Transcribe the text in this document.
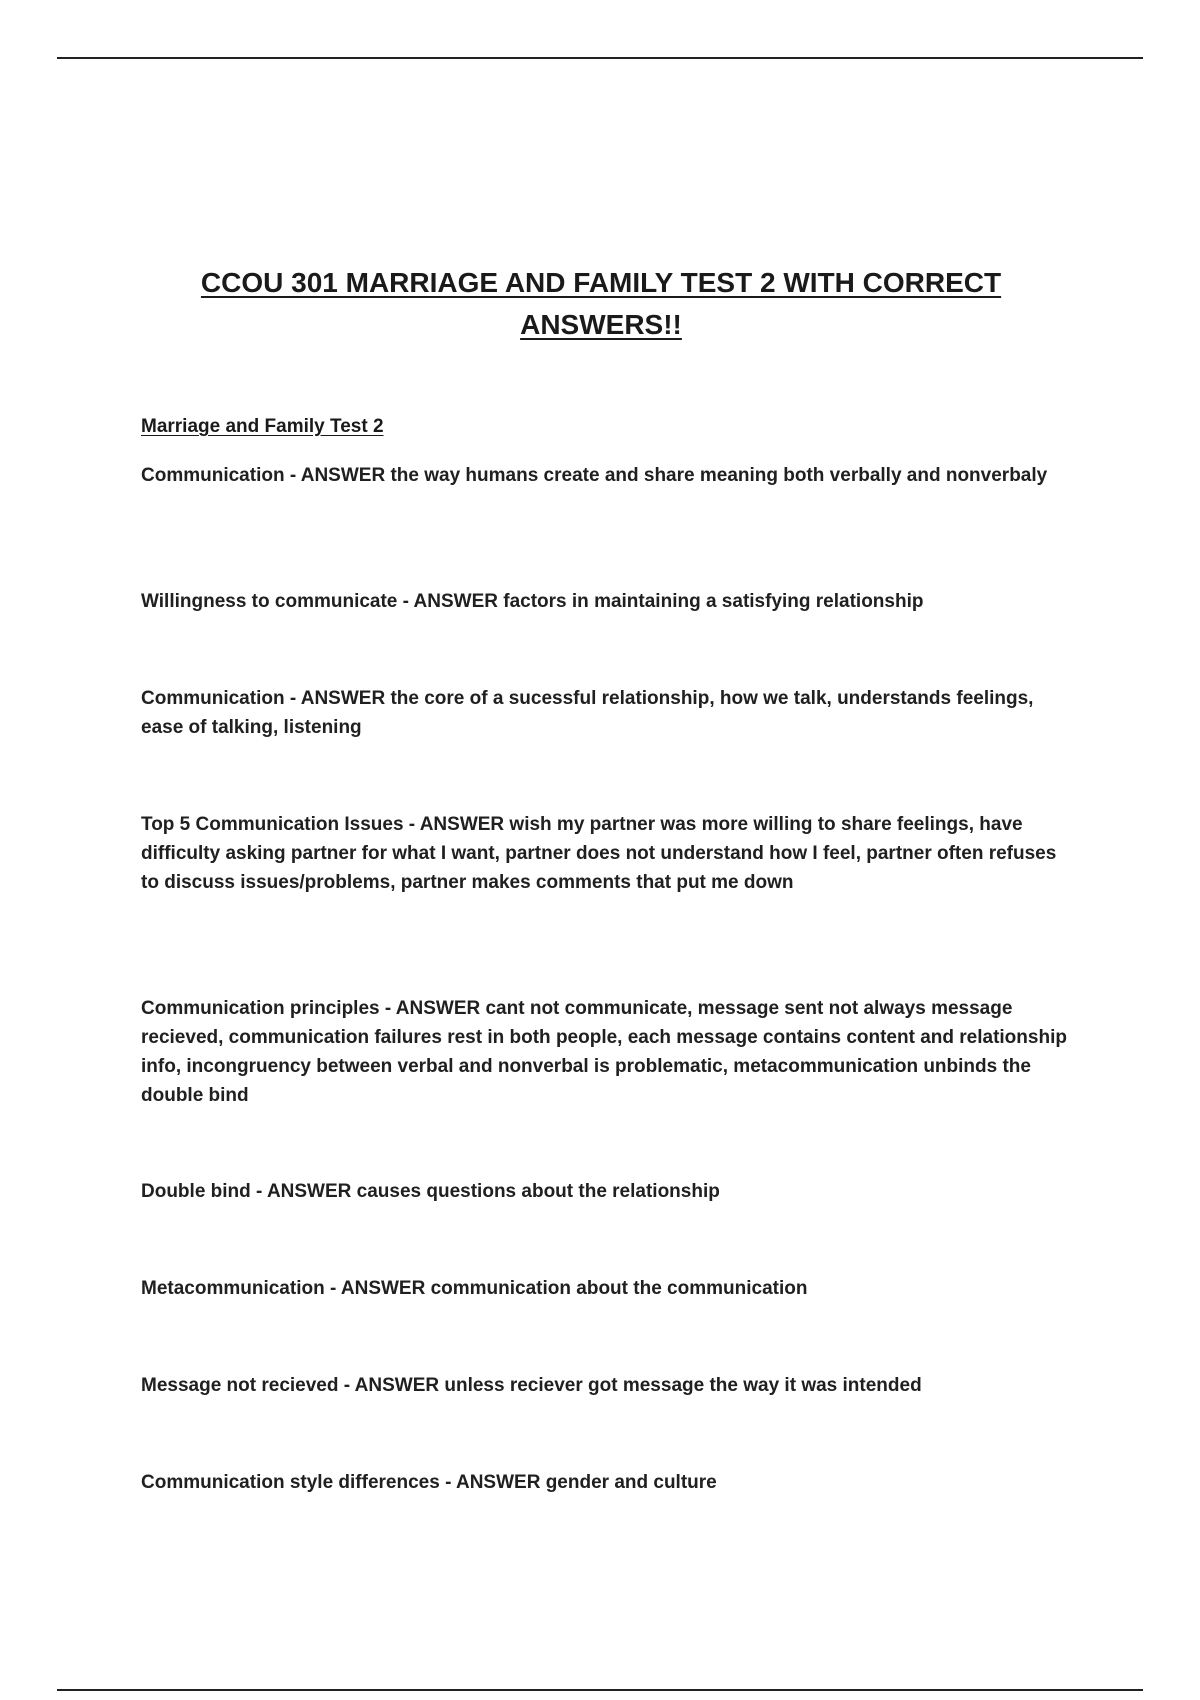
CCOU 301 MARRIAGE AND FAMILY TEST 2 WITH CORRECT ANSWERS!!
Marriage and Family Test 2

Communication - ANSWER the way humans create and share meaning both verbally and nonverbaly

Willingness to communicate - ANSWER factors in maintaining a satisfying relationship

Communication - ANSWER the core of a sucessful relationship, how we talk, understands feelings, ease of talking, listening

Top 5 Communication Issues - ANSWER wish my partner was more willing to share feelings, have difficulty asking partner for what I want, partner does not understand how I feel, partner often refuses to discuss issues/problems, partner makes comments that put me down

Communication principles - ANSWER cant not communicate, message sent not always message recieved, communication failures rest in both people, each message contains content and relationship info, incongruency between verbal and nonverbal is problematic, metacommunication unbinds the double bind

Double bind - ANSWER causes questions about the relationship

Metacommunication - ANSWER communication about the communication

Message not recieved - ANSWER unless reciever got message the way it was intended

Communication style differences - ANSWER gender and culture
